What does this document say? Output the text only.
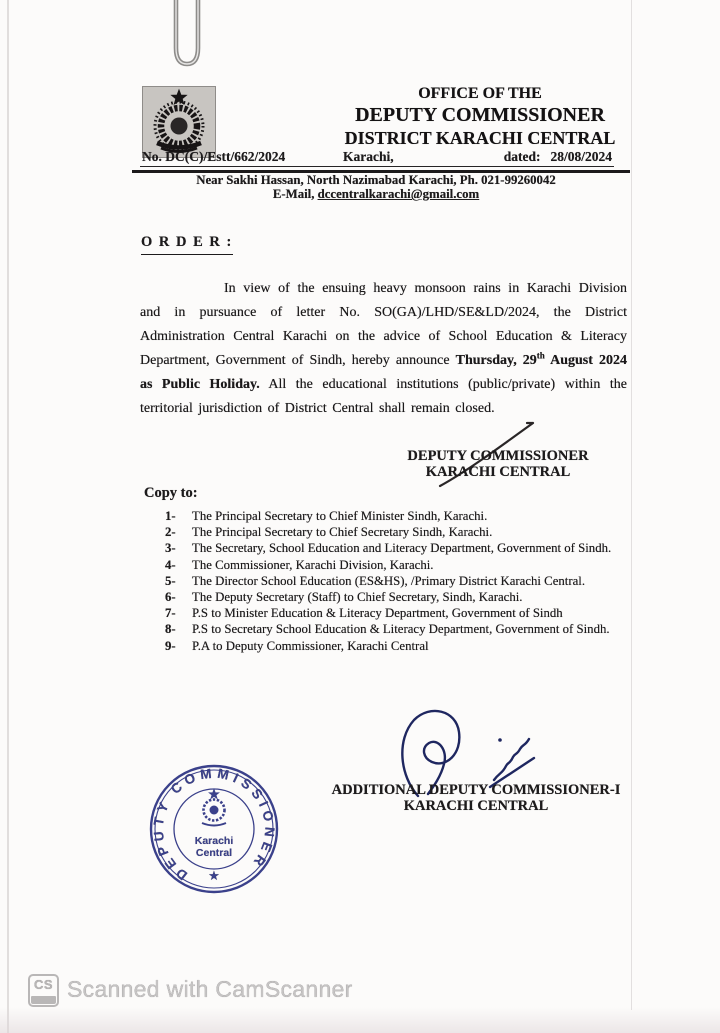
OFFICE OF THE
DEPUTY COMMISSIONER
DISTRICT KARACHI CENTRAL
No. DC(C)/Estt/662/2024	Karachi,	dated: 28/08/2024
Near Sakhi Hassan, North Nazimabad Karachi, Ph. 021-99260042
E-Mail, dccentralkarachi@gmail.com
O R D E R :

In view of the ensuing heavy monsoon rains in Karachi Division and in pursuance of letter No. SO(GA)/LHD/SE&LD/2024, the District Administration Central Karachi on the advice of School Education & Literacy Department, Government of Sindh, hereby announce Thursday, 29th August 2024 as Public Holiday. All the educational institutions (public/private) within the territorial jurisdiction of District Central shall remain closed.

DEPUTY COMMISSIONER
KARACHI CENTRAL
Copy to:
1-	The Principal Secretary to Chief Minister Sindh, Karachi.
2-	The Principal Secretary to Chief Secretary Sindh, Karachi.
3-	The Secretary, School Education and Literacy Department, Government of Sindh.
4-	The Commissioner, Karachi Division, Karachi.
5-	The Director School Education (ES&HS), /Primary District Karachi Central.
6-	The Deputy Secretary (Staff) to Chief Secretary, Sindh, Karachi.
7-	P.S to Minister Education & Literacy Department, Government of Sindh
8-	P.S to Secretary School Education & Literacy Department, Government of Sindh.
9-	P.A to Deputy Commissioner, Karachi Central
ADDITIONAL DEPUTY COMMISSIONER-I
KARACHI CENTRAL
DEPUTY COMMISSIONER
★
Karachi
Central
CS Scanned with CamScanner
